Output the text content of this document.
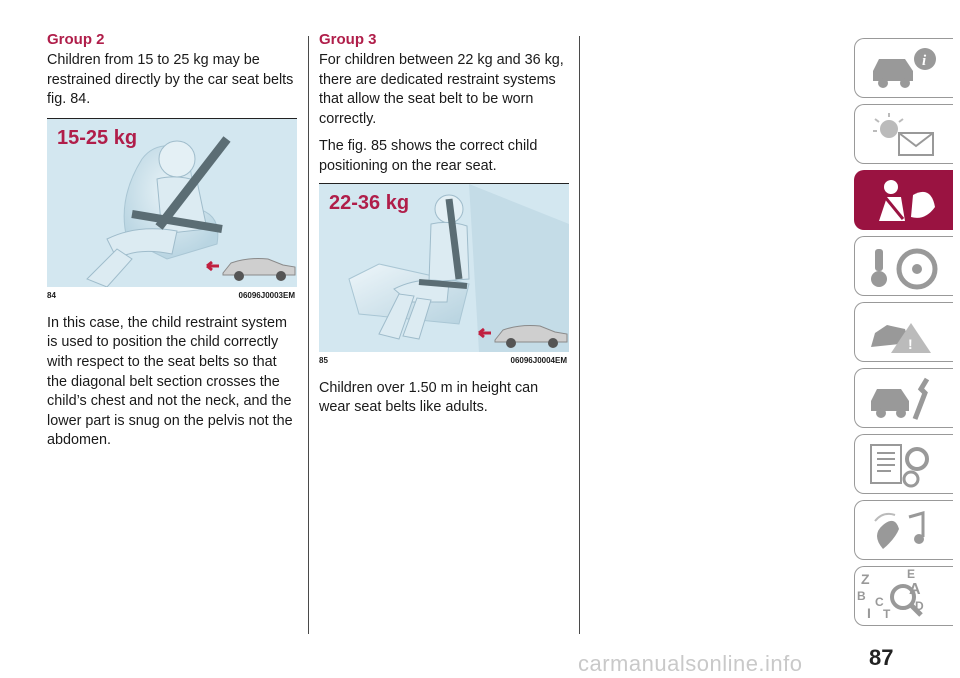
Group 2

Children from 15 to 25 kg may be restrained directly by the car seat belts fig. 84.

15-25 kg
84	06096J0003EM

In this case, the child restraint system is used to position the child correctly with respect to the seat belts so that the diagonal belt section crosses the child’s chest and not the neck, and the lower part is snug on the pelvis not the abdomen.

Group 3

For children between 22 kg and 36 kg, there are dedicated restraint systems that allow the seat belt to be worn correctly.

The fig. 85 shows the correct child positioning on the rear seat.

22-36 kg
85	06096J0004EM

Children over 1.50 m in height can wear seat belts like adults.

i
!
Z	E
A
B C	D
I T
87
carmanualsonline.info
